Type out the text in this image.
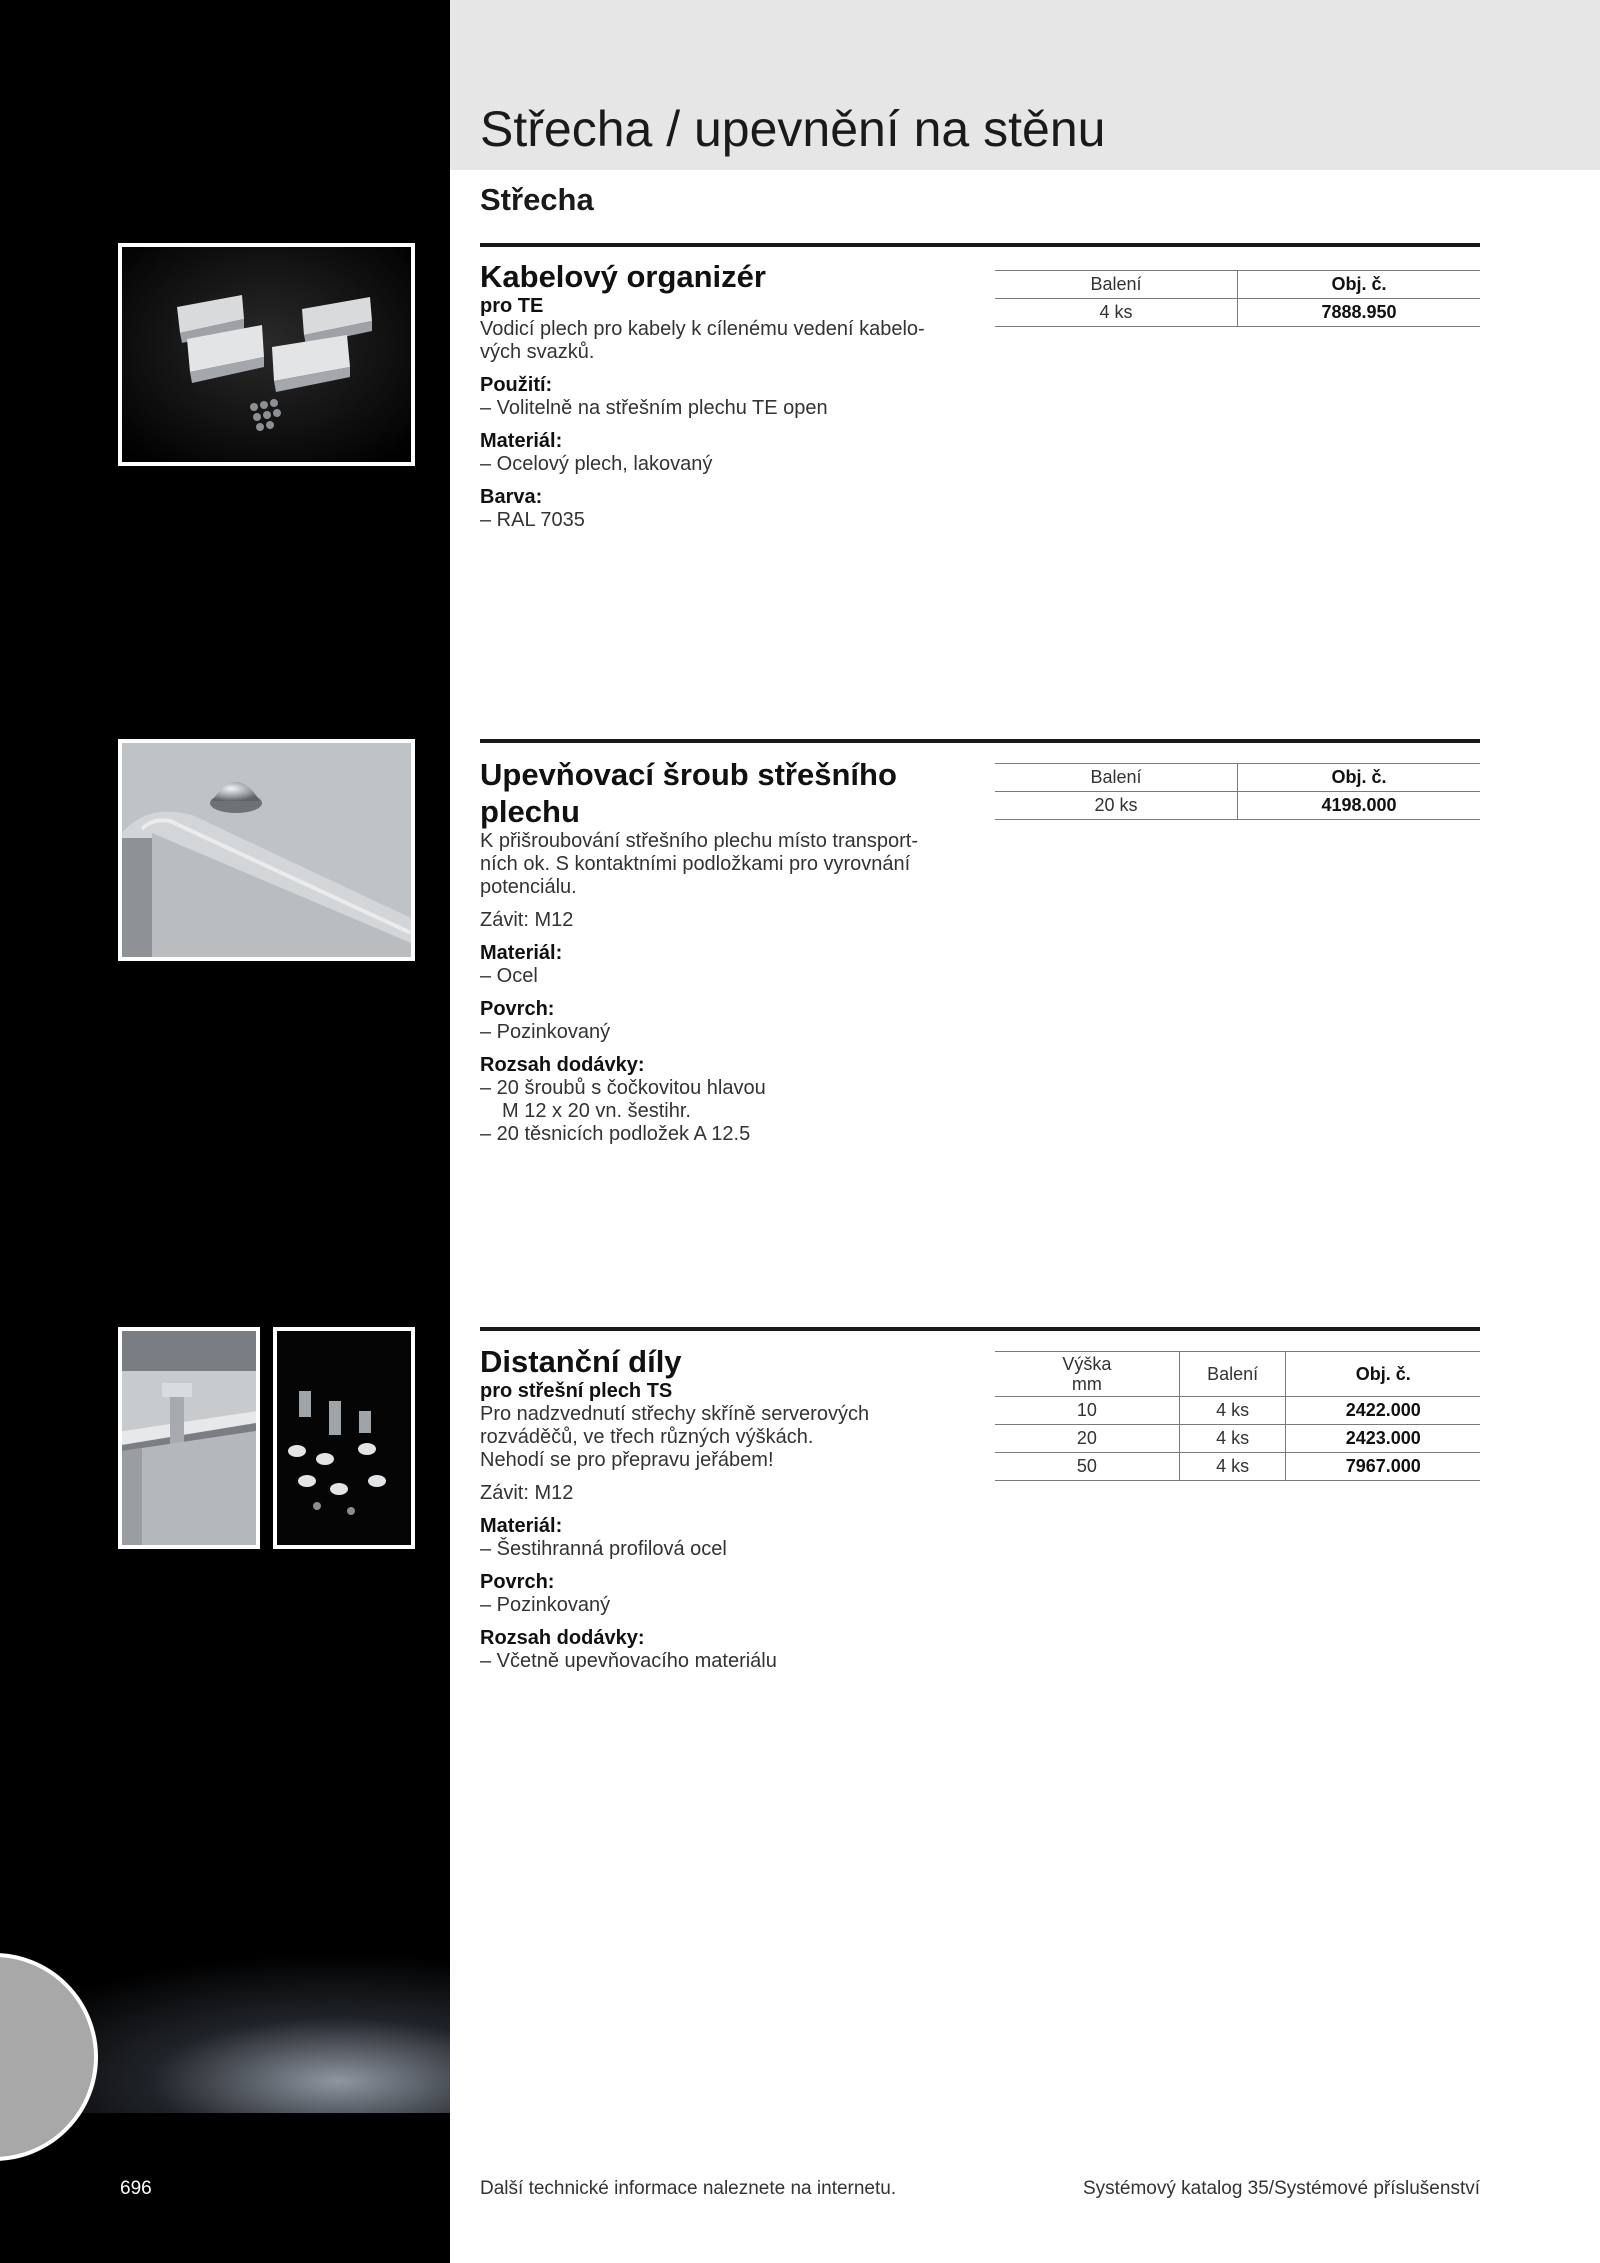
Střecha / upevnění na stěnu
Střecha
Kabelový organizér
pro TE
Vodicí plech pro kabely k cílenému vedení kabelo-
vých svazků.
Použití:
– Volitelně na střešním plechu TE open
Materiál:
– Ocelový plech, lakovaný
Barva:
– RAL 7035
Balení	Obj. č.
4 ks	7888.950
Upevňovací šroub střešního
plechu
K přišroubování střešního plechu místo transport-
ních ok. S kontaktními podložkami pro vyrovnání
potenciálu.
Závit: M12
Materiál:
– Ocel
Povrch:
– Pozinkovaný
Rozsah dodávky:
– 20 šroubů s čočkovitou hlavou
M 12 x 20 vn. šestihr.
– 20 těsnicích podložek A 12.5
Balení	Obj. č.
20 ks	4198.000
Distanční díly
pro střešní plech TS
Pro nadzvednutí střechy skříně serverových
rozváděčů, ve třech různých výškách.
Nehodí se pro přepravu jeřábem!
Závit: M12
Materiál:
– Šestihranná profilová ocel
Povrch:
– Pozinkovaný
Rozsah dodávky:
– Včetně upevňovacího materiálu
Výška
mm	Balení	Obj. č.
10	4 ks	2422.000
20	4 ks	2423.000
50	4 ks	7967.000
696	Další technické informace naleznete na internetu.	Systémový katalog 35/Systémové příslušenství
